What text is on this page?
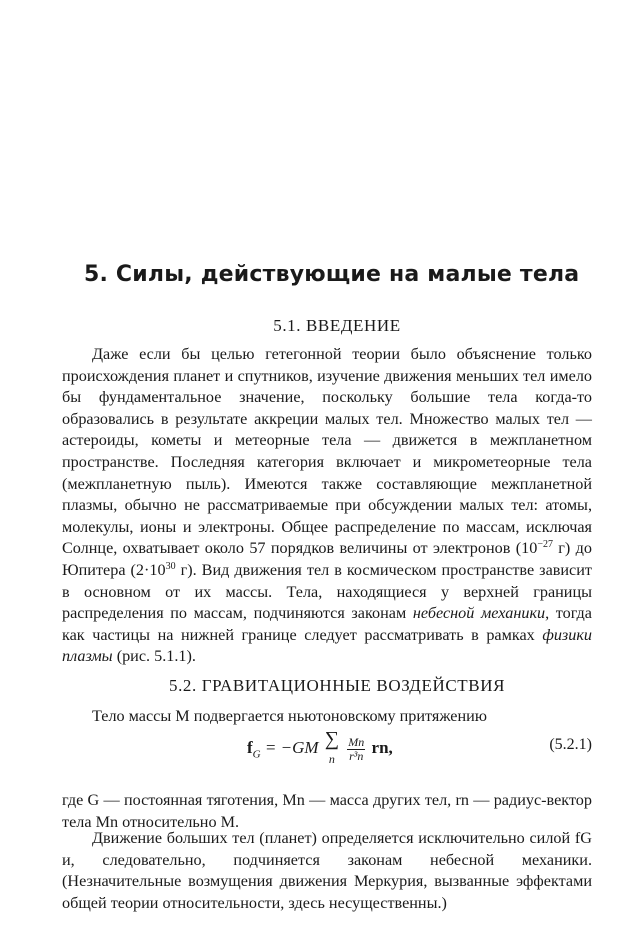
5. Силы, действующие на малые тела
5.1. ВВЕДЕНИЕ

Даже если бы целью гетегонной теории было объяснение только происхождения планет и спутников, изучение движения меньших тел имело бы фундаментальное значение, поскольку большие тела когда-то образовались в результате аккреции малых тел. Множество малых тел — астероиды, кометы и метеорные тела — движется в межпланетном пространстве. Последняя категория включает и микрометеорные тела (межпланетную пыль). Имеются также составляющие межпланетной плазмы, обычно не рассматриваемые при обсуждении малых тел: атомы, молекулы, ионы и электроны. Общее распределение по массам, исключая Солнце, охватывает около 57 порядков величины от электронов ($10^{-27}$ г) до Юпитера ($2\cdot 10^{30}$ г). Вид движения тел в космическом пространстве зависит в основном от их массы. Тела, находящиеся у верхней границы распределения по массам, подчиняются законам небесной механики, тогда как частицы на нижней границе следует рассматривать в рамках физики плазмы (рис. 5.1.1).

5.2. ГРАВИТАЦИОННЫЕ ВОЗДЕЙСТВИЯ

Тело массы M подвергается ньютоновскому притяжению

$f_G = -GM$ ∑
n
	$\frac{Mn}{\text{r³n}}$ rn,	(5.2.1)

где G — постоянная тяготения, Mn — масса других тел, rn — радиус-вектор тела Mn относительно M.

Движение больших тел (планет) определяется исключительно силой fG и, следовательно, подчиняется законам небесной механики. (Незначительные возмущения движения Меркурия, вызванные эффектами общей теории относительности, здесь несущественны.)
